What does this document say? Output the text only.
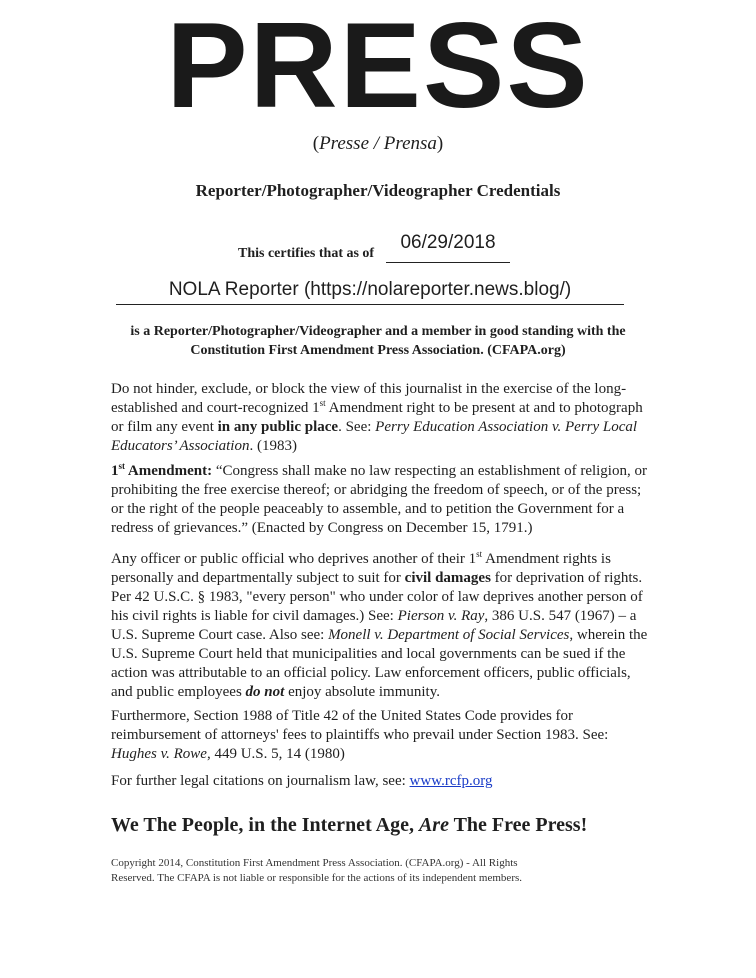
PRESS
(Presse / Prensa)
Reporter/Photographer/Videographer Credentials
This certifies that as of
06/29/2018
NOLA Reporter (https://nolareporter.news.blog/)
is a Reporter/Photographer/Videographer and a member in good standing with the
Constitution First Amendment Press Association. (CFAPA.org)
Do not hinder, exclude, or block the view of this journalist in the exercise of the long-established and court-recognized 1st Amendment right to be present at and to photograph or film any event in any public place. See: Perry Education Association v. Perry Local Educators’ Association. (1983)
1st Amendment: “Congress shall make no law respecting an establishment of religion, or prohibiting the free exercise thereof; or abridging the freedom of speech, or of the press; or the right of the people peaceably to assemble, and to petition the Government for a redress of grievances.” (Enacted by Congress on December 15, 1791.)
Any officer or public official who deprives another of their 1st Amendment rights is personally and departmentally subject to suit for civil damages for deprivation of rights. Per 42 U.S.C. § 1983, "every person" who under color of law deprives another person of his civil rights is liable for civil damages.) See: Pierson v. Ray, 386 U.S. 547 (1967) – a U.S. Supreme Court case. Also see: Monell v. Department of Social Services, wherein the U.S. Supreme Court held that municipalities and local governments can be sued if the action was attributable to an official policy. Law enforcement officers, public officials, and public employees do not enjoy absolute immunity.
Furthermore, Section 1988 of Title 42 of the United States Code provides for reimbursement of attorneys' fees to plaintiffs who prevail under Section 1983. See: Hughes v. Rowe, 449 U.S. 5, 14 (1980)
For further legal citations on journalism law, see: www.rcfp.org
We The People, in the Internet Age, Are The Free Press!
Copyright 2014, Constitution First Amendment Press Association. (CFAPA.org) - All Rights
Reserved. The CFAPA is not liable or responsible for the actions of its independent members.
